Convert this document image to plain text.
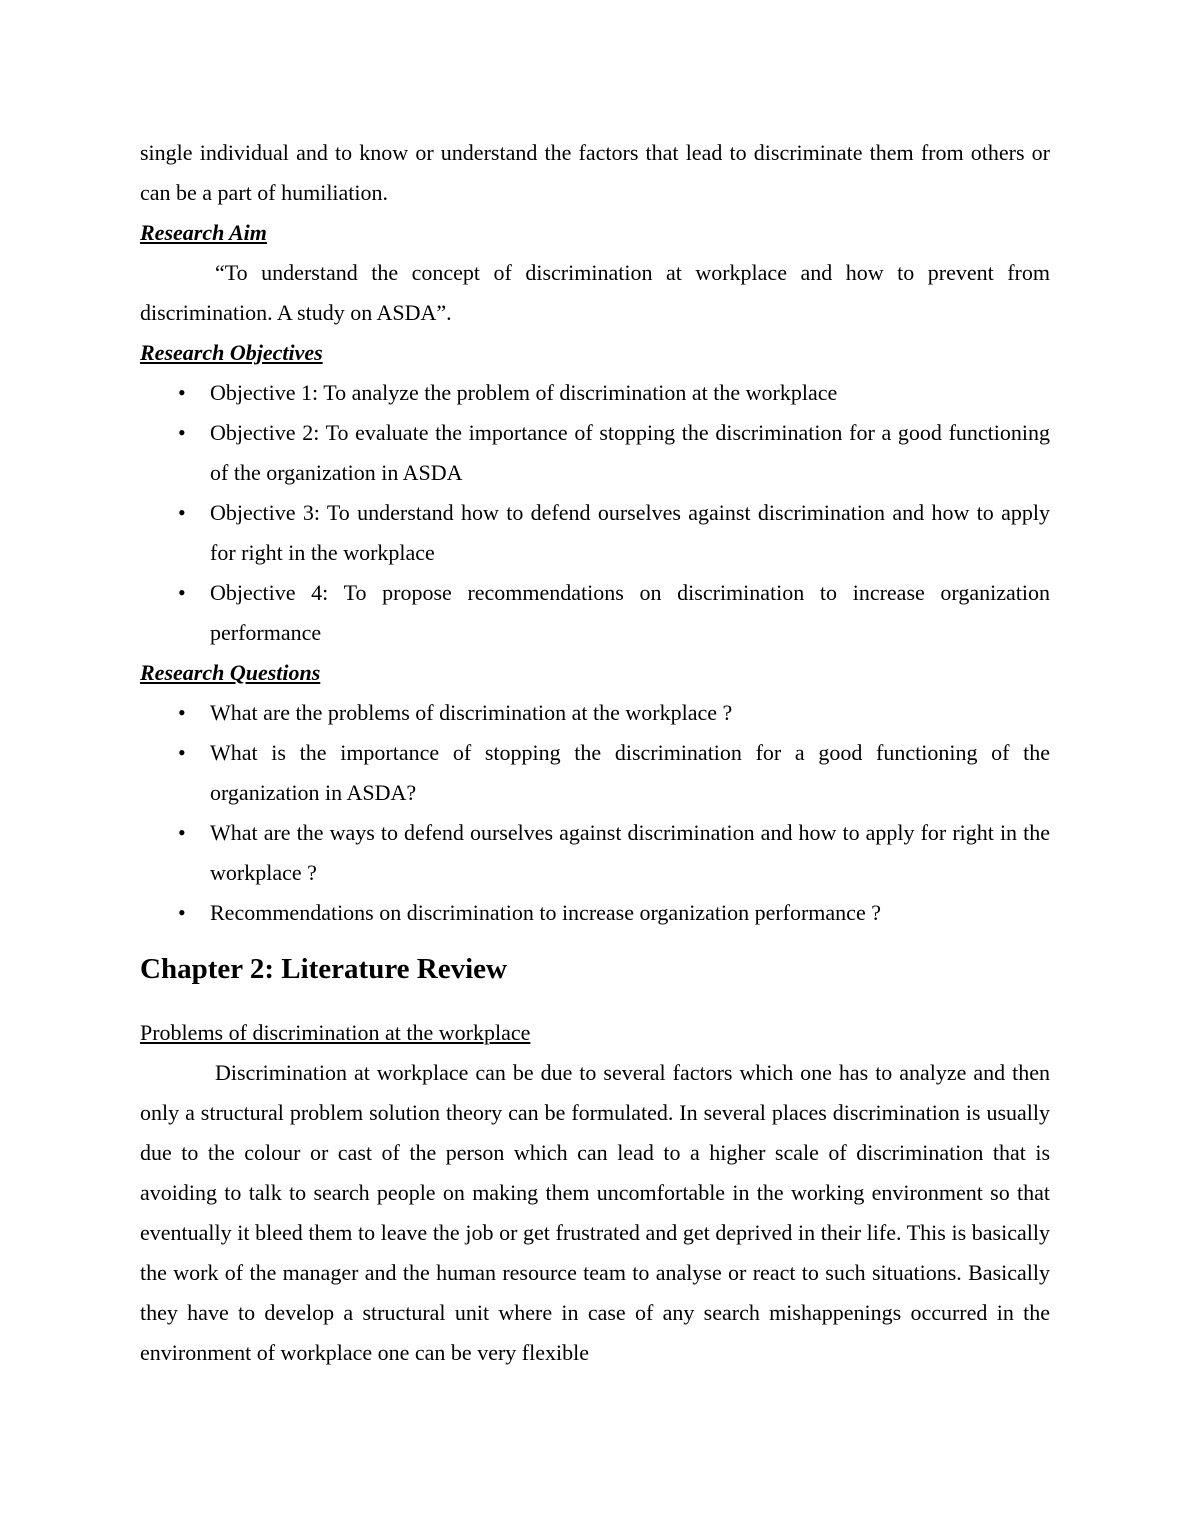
single individual and to know or understand the factors that lead to discriminate them from others or can be a part of humiliation.

Research Aim

“To understand the concept of discrimination at workplace and how to prevent from discrimination. A study on ASDA”.

Research Objectives
• Objective 1: To analyze the problem of discrimination at the workplace
• Objective 2: To evaluate the importance of stopping the discrimination for a good functioning of the organization in ASDA
• Objective 3: To understand how to defend ourselves against discrimination and how to apply for right in the workplace
• Objective 4: To propose recommendations on discrimination to increase organization performance
Research Questions
• What are the problems of discrimination at the workplace ?
• What is the importance of stopping the discrimination for a good functioning of the organization in ASDA?
• What are the ways to defend ourselves against discrimination and how to apply for right in the workplace ?
• Recommendations on discrimination to increase organization performance ?
Chapter 2: Literature Review
Problems of discrimination at the workplace

Discrimination at workplace can be due to several factors which one has to analyze and then only a structural problem solution theory can be formulated. In several places discrimination is usually due to the colour or cast of the person which can lead to a higher scale of discrimination that is avoiding to talk to search people on making them uncomfortable in the working environment so that eventually it bleed them to leave the job or get frustrated and get deprived in their life. This is basically the work of the manager and the human resource team to analyse or react to such situations. Basically they have to develop a structural unit where in case of any search mishappenings occurred in the environment of workplace one can be very flexible
